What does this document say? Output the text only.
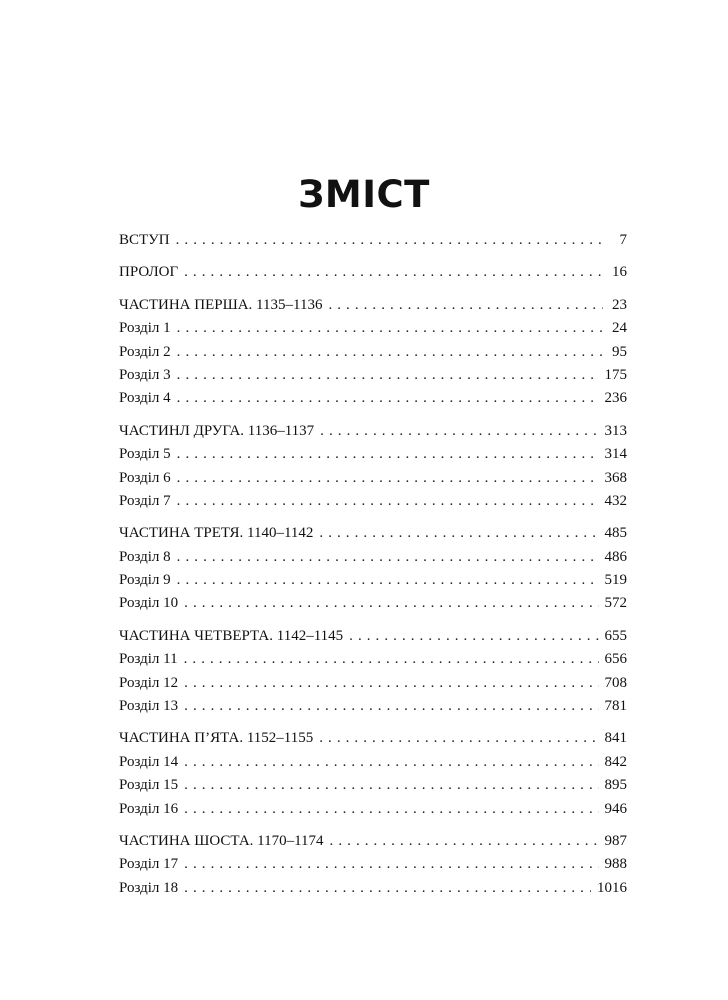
ЗМІСТ
ВСТУП . . .	7
ПРОЛОГ . . .	16
ЧАСТИНА ПЕРША. 1135–1136 . . .	23
Розділ 1 . . .	24
Розділ 2 . . .	95
Розділ 3 . . .	175
Розділ 4 . . .	236
ЧАСТИНЛ ДРУГА. 1136–1137 . . .	313
Розділ 5 . . .	314
Розділ 6 . . .	368
Розділ 7 . . .	432
ЧАСТИНА ТРЕТЯ. 1140–1142 . . .	485
Розділ 8 . . .	486
Розділ 9 . . .	519
Розділ 10 . . .	572
ЧАСТИНА ЧЕТВЕРТА. 1142–1145 . . .	655
Розділ 11 . . .	656
Розділ 12 . . .	708
Розділ 13 . . .	781
ЧАСТИНА П’ЯТА. 1152–1155 . . .	841
Розділ 14 . . .	842
Розділ 15 . . .	895
Розділ 16 . . .	946
ЧАСТИНА ШОСТА. 1170–1174 . . .	987
Розділ 17 . . .	988
Розділ 18 . . .	1016
